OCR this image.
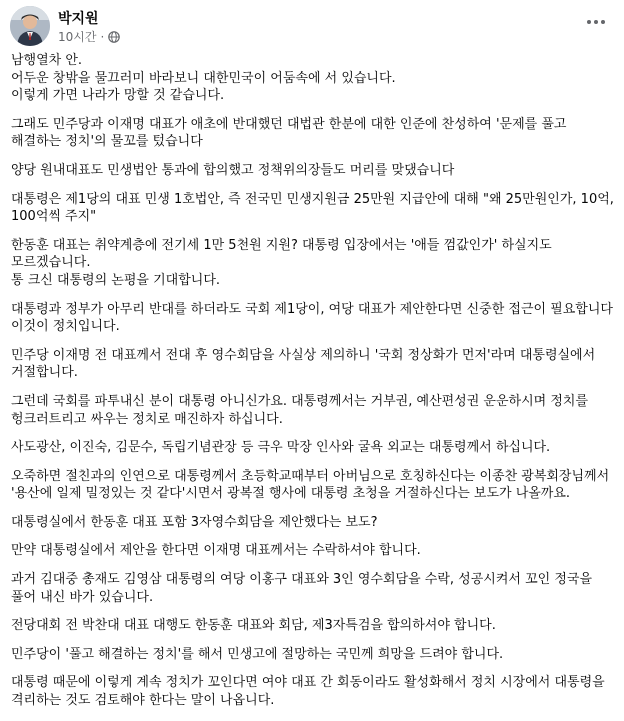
박지원
10시간 ·

남행열차 안.
어두운 창밖을 물끄러미 바라보니 대한민국이 어둠속에 서 있습니다.
이렇게 가면 나라가 망할 것 같습니다.

그래도 민주당과 이재명 대표가 애초에 반대했던 대법관 한분에 대한 인준에 찬성하여 '문제를 풀고 해결하는 정치'의 물꼬를 텄습니다

양당 원내대표도 민생법안 통과에 합의했고 정책위의장들도 머리를 맞댔습니다

대통령은 제1당의 대표 민생 1호법안, 즉 전국민 민생지원금 25만원 지급안에 대해 "왜 25만원인가, 10억, 100억씩 주지"

한동훈 대표는 취약계층에 전기세 1만 5천원 지원? 대통령 입장에서는 '애들 껌값인가' 하실지도 모르겠습니다.
통 크신 대통령의 논평을 기대합니다.

대통령과 정부가 아무리 반대를 하더라도 국회 제1당이, 여당 대표가 제안한다면 신중한 접근이 필요합니다
이것이 정치입니다.

민주당 이재명 전 대표께서 전대 후 영수회담을 사실상 제의하니 '국회 정상화가 먼저'라며 대통령실에서 거절합니다.

그런데 국회를 파투내신 분이 대통령 아니신가요. 대통령께서는 거부권, 예산편성권 운운하시며 정치를 헝크러트리고 싸우는 정치로 매진하자 하십니다.

사도광산, 이진숙, 김문수, 독립기념관장 등 극우 막장 인사와 굴욕 외교는 대통령께서 하십니다.

오죽하면 절친과의 인연으로 대통령께서 초등학교때부터 아버님으로 호칭하신다는 이종찬 광복회장님께서 '용산에 일제 밀정있는 것 같다'시면서 광복절 행사에 대통령 초청을 거절하신다는 보도가 나올까요.

대통령실에서 한동훈 대표 포함 3자영수회담을 제안했다는 보도?

만약 대통령실에서 제안을 한다면 이재명 대표께서는 수락하셔야 합니다.

과거 김대중 총재도 김영삼 대통령의 여당 이홍구 대표와 3인 영수회담을 수락, 성공시켜서 꼬인 정국을 풀어 내신 바가 있습니다.

전당대회 전 박찬대 대표 대행도 한동훈 대표와 회담, 제3자특검을 합의하셔야 합니다.

민주당이 '풀고 해결하는 정치'를 해서 민생고에 절망하는 국민께 희망을 드려야 합니다.

대통령 때문에 이렇게 계속 정치가 꼬인다면 여야 대표 간 회동이라도 활성화해서 정치 시장에서 대통령을 격리하는 것도 검토해야 한다는 말이 나옵니다.
